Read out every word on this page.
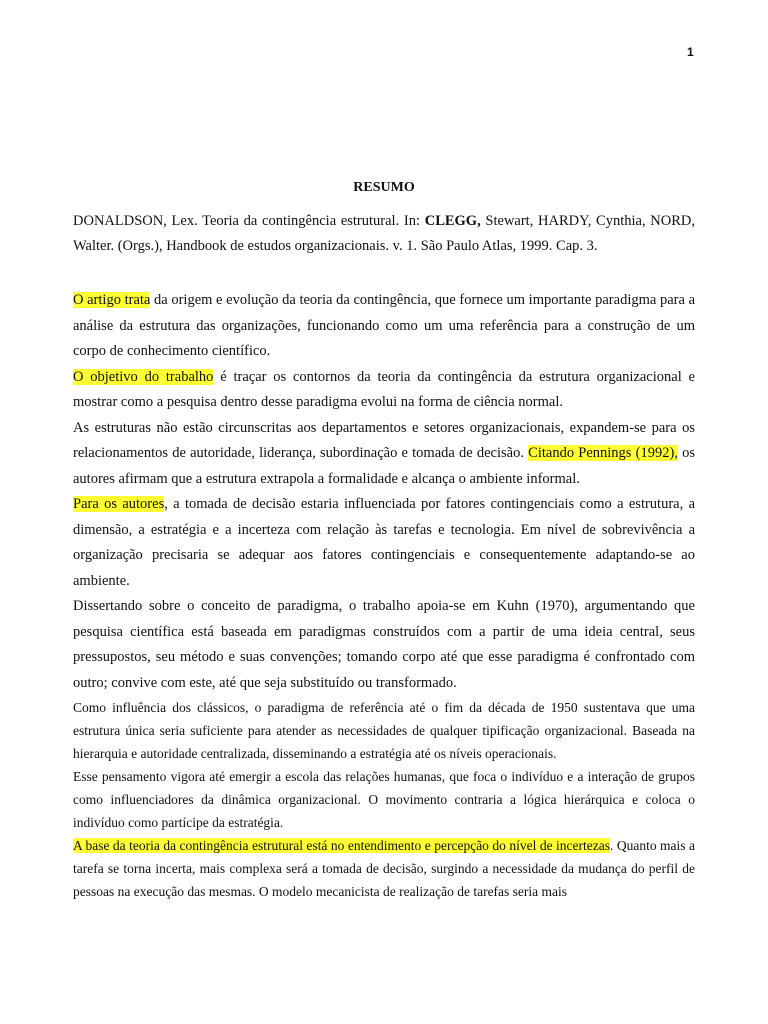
1
RESUMO
DONALDSON, Lex. Teoria da contingência estrutural. In: CLEGG, Stewart, HARDY, Cynthia, NORD, Walter. (Orgs.), Handbook de estudos organizacionais. v. 1. São Paulo Atlas, 1999. Cap. 3.

O artigo trata da origem e evolução da teoria da contingência, que fornece um importante paradigma para a análise da estrutura das organizações, funcionando como um uma referência para a construção de um corpo de conhecimento científico.

O objetivo do trabalho é traçar os contornos da teoria da contingência da estrutura organizacional e mostrar como a pesquisa dentro desse paradigma evolui na forma de ciência normal.

As estruturas não estão circunscritas aos departamentos e setores organizacionais, expandem-se para os relacionamentos de autoridade, liderança, subordinação e tomada de decisão. Citando Pennings (1992), os autores afirmam que a estrutura extrapola a formalidade e alcança o ambiente informal.

Para os autores, a tomada de decisão estaria influenciada por fatores contingenciais como a estrutura, a dimensão, a estratégia e a incerteza com relação às tarefas e tecnologia. Em nível de sobrevivência a organização precisaria se adequar aos fatores contingenciais e consequentemente adaptando-se ao ambiente.

Dissertando sobre o conceito de paradigma, o trabalho apoia-se em Kuhn (1970), argumentando que pesquisa científica está baseada em paradigmas construídos com a partir de uma ideia central, seus pressupostos, seu método e suas convenções; tomando corpo até que esse paradigma é confrontado com outro; convive com este, até que seja substituído ou transformado.

Como influência dos clássicos, o paradigma de referência até o fim da década de 1950 sustentava que uma estrutura única seria suficiente para atender as necessidades de qualquer tipificação organizacional. Baseada na hierarquia e autoridade centralizada, disseminando a estratégia até os níveis operacionais.

Esse pensamento vigora até emergir a escola das relações humanas, que foca o indivíduo e a interação de grupos como influenciadores da dinâmica organizacional. O movimento contraria a lógica hierárquica e coloca o indivíduo como partícipe da estratégia.

A base da teoria da contingência estrutural está no entendimento e percepção do nível de incertezas. Quanto mais a tarefa se torna incerta, mais complexa será a tomada de decisão, surgindo a necessidade da mudança do perfil de pessoas na execução das mesmas. O modelo mecanicista de realização de tarefas seria mais
